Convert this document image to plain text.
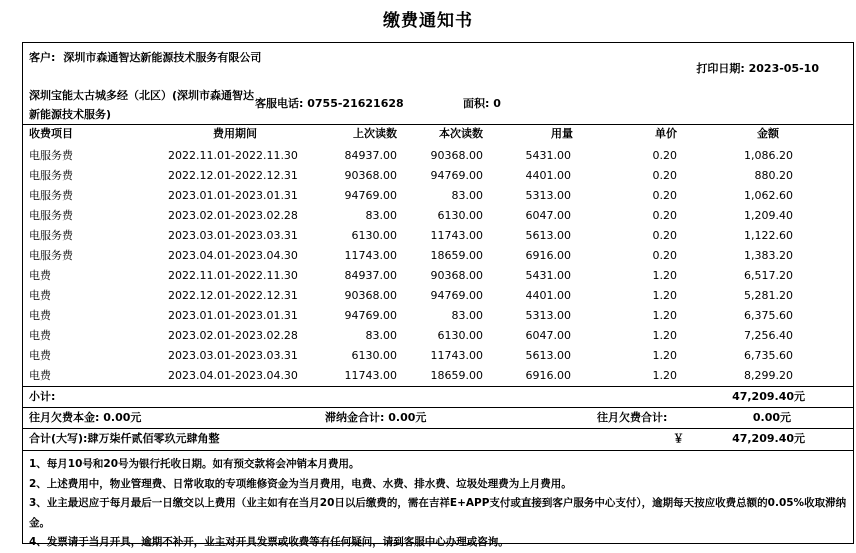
缴费通知书
客户: 深圳市森通智达新能源技术服务有限公司
打印日期: 2023-05-10
深圳宝能太古城多经（北区）(深圳市森通智达新能源技术服务)
客服电话: 0755-21621628	面积: 0
收费项目	费用期间	上次读数	本次读数	用量	单价	金额
电服务费	2022.11.01-2022.11.30	84937.00	90368.00	5431.00	0.20	1,086.20
电服务费	2022.12.01-2022.12.31	90368.00	94769.00	4401.00	0.20	880.20
电服务费	2023.01.01-2023.01.31	94769.00	83.00	5313.00	0.20	1,062.60
电服务费	2023.02.01-2023.02.28	83.00	6130.00	6047.00	0.20	1,209.40
电服务费	2023.03.01-2023.03.31	6130.00	11743.00	5613.00	0.20	1,122.60
电服务费	2023.04.01-2023.04.30	11743.00	18659.00	6916.00	0.20	1,383.20
电费	2022.11.01-2022.11.30	84937.00	90368.00	5431.00	1.20	6,517.20
电费	2022.12.01-2022.12.31	90368.00	94769.00	4401.00	1.20	5,281.20
电费	2023.01.01-2023.01.31	94769.00	83.00	5313.00	1.20	6,375.60
电费	2023.02.01-2023.02.28	83.00	6130.00	6047.00	1.20	7,256.40
电费	2023.03.01-2023.03.31	6130.00	11743.00	5613.00	1.20	6,735.60
电费	2023.04.01-2023.04.30	11743.00	18659.00	6916.00	1.20	8,299.20
小计:	47,209.40元
往月欠费本金: 0.00元	滞纳金合计: 0.00元	往月欠费合计:	0.00元
合计(大写):肆万柒仟贰佰零玖元肆角整	￥	47,209.40元
1、每月10号和20号为银行托收日期。如有预交款将会冲销本月费用。
2、上述费用中，物业管理费、日常收取的专项维修资金为当月费用，电费、水费、排水费、垃圾处理费为上月费用。
3、业主最迟应于每月最后一日缴交以上费用（业主如有在当月20日以后缴费的，需在吉祥E+APP支付或直接到客户服务中心支付），逾期每天按应收费总额的0.05%收取滞纳金。
4、发票请于当月开具，逾期不补开，业主对开具发票或收费等有任何疑问，请到客服中心办理或咨询。
